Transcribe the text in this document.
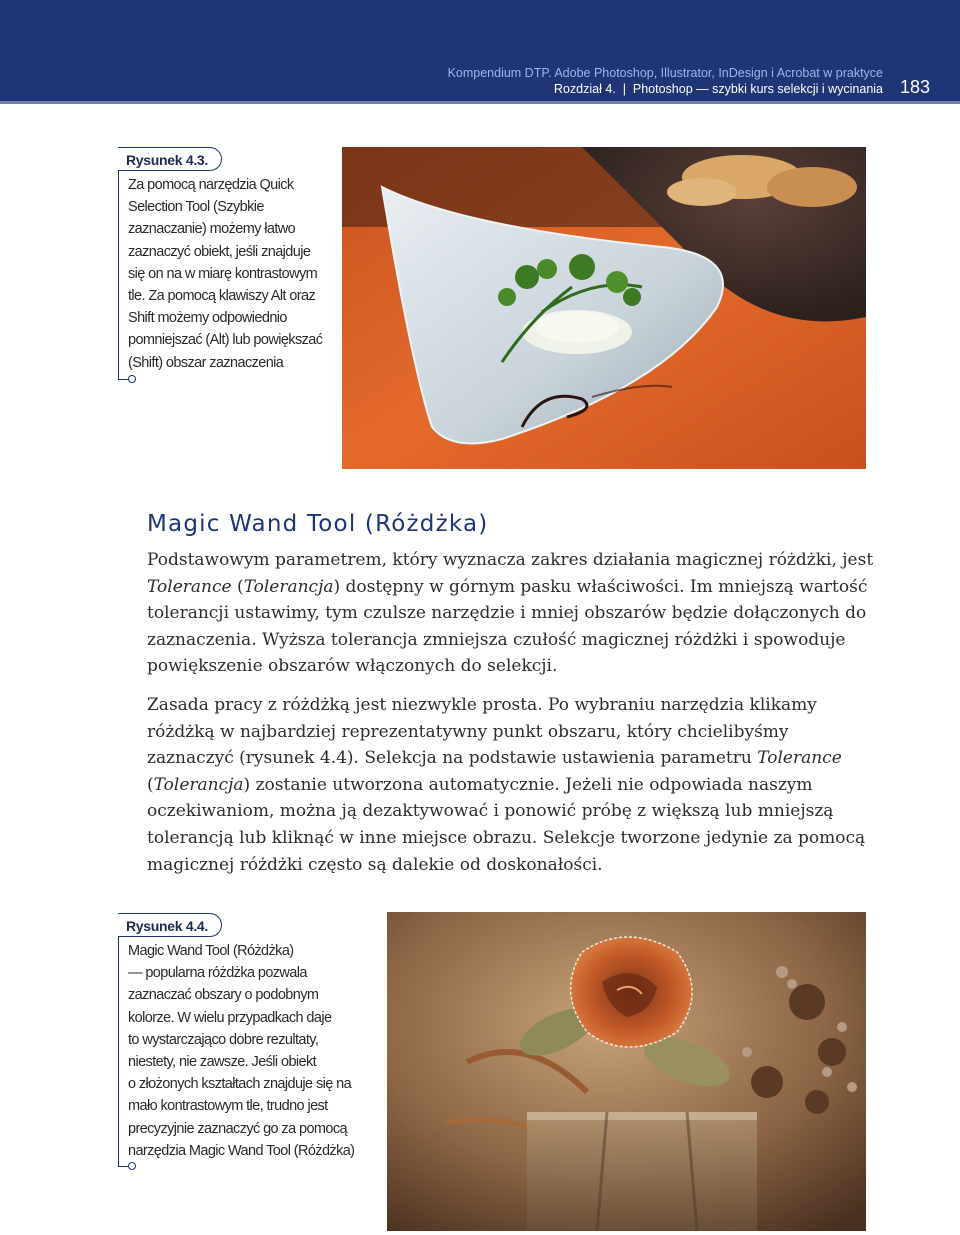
Kompendium DTP. Adobe Photoshop, Illustrator, InDesign i Acrobat w praktyce
Rozdział 4.  |  Photoshop — szybki kurs selekcji i wycinania 183
Rysunek 4.3.
Za pomocą narzędzia Quick
Selection Tool (Szybkie
zaznaczanie) możemy łatwo
zaznaczyć obiekt, jeśli znajduje
się on na w miarę kontrastowym
tle. Za pomocą klawiszy Alt oraz
Shift możemy odpowiednio
pomniejszać (Alt) lub powiększać
(Shift) obszar zaznaczenia
Magic Wand Tool (Różdżka)

Podstawowym parametrem, który wyznacza zakres działania magicznej różdżki, jest Tolerance (Tolerancja) dostępny w górnym pasku właściwości. Im mniejszą wartość tolerancji ustawimy, tym czulsze narzędzie i mniej obszarów będzie dołączonych do zaznaczenia. Wyższa tolerancja zmniejsza czułość magicznej różdżki i spowoduje powiększenie obszarów włączonych do selekcji.

Zasada pracy z różdżką jest niezwykle prosta. Po wybraniu narzędzia klikamy różdżką w najbardziej reprezentatywny punkt obszaru, który chcielibyśmy zaznaczyć (rysunek 4.4). Selekcja na podstawie ustawienia parametru Tolerance (Tolerancja) zostanie utworzona automatycznie. Jeżeli nie odpowiada naszym oczekiwaniom, można ją dezaktywować i ponowić próbę z większą lub mniejszą tolerancją lub kliknąć w inne miejsce obrazu. Selekcje tworzone jedynie za pomocą magicznej różdżki często są dalekie od doskonałości.

Rysunek 4.4.
Magic Wand Tool (Różdżka)
— popularna różdżka pozwala
zaznaczać obszary o podobnym
kolorze. W wielu przypadkach daje
to wystarczająco dobre rezultaty,
niestety, nie zawsze. Jeśli obiekt
o złożonych kształtach znajduje się na
mało kontrastowym tle, trudno jest
precyzyjnie zaznaczyć go za pomocą
narzędzia Magic Wand Tool (Różdżka)
